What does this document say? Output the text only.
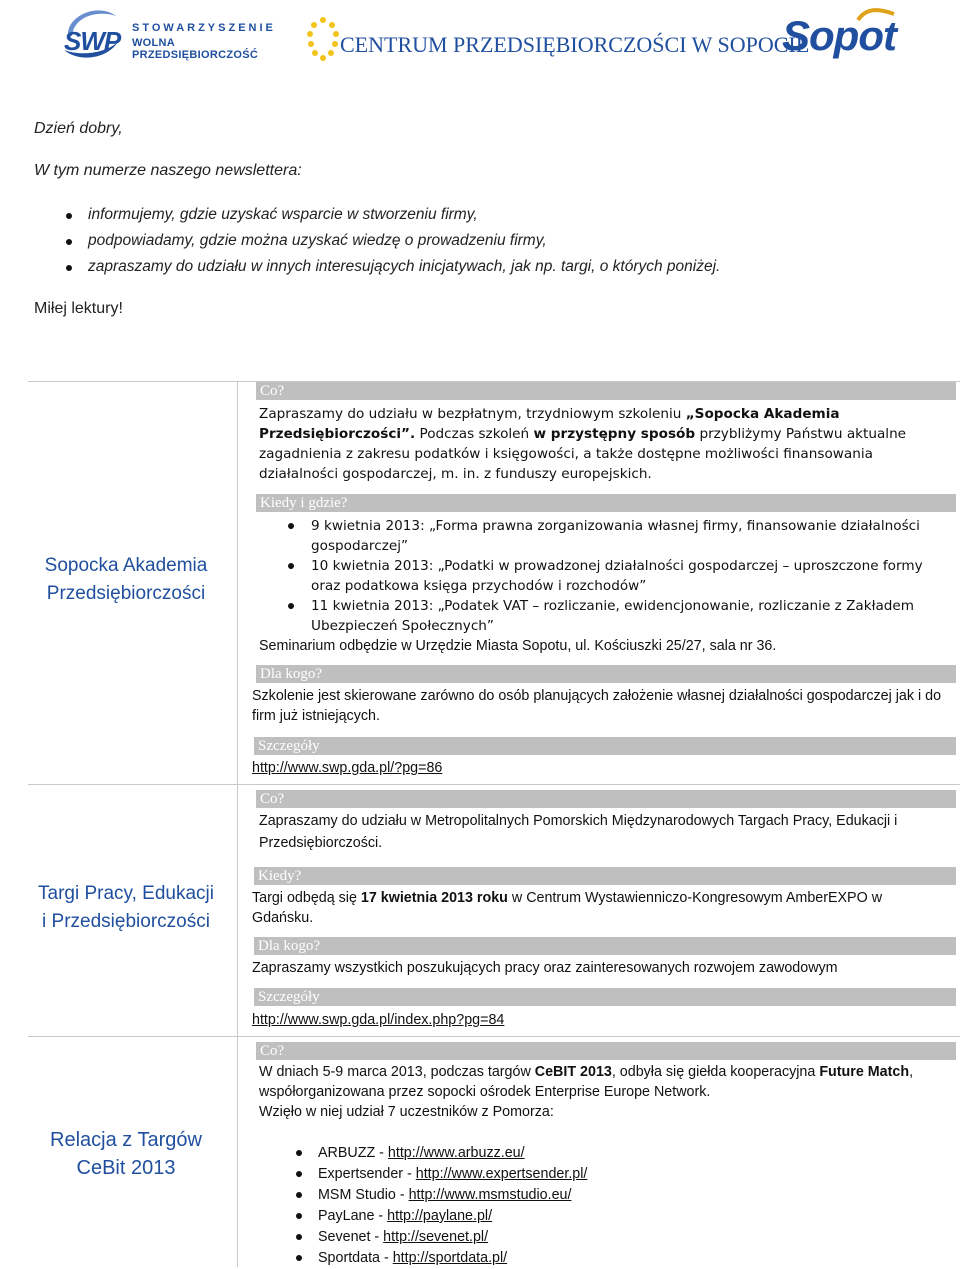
SWP STOWARZYSZENIE
WOLNA PRZEDSIĘBIORCZOŚĆ	CENTRUM PRZEDSIĘBIORCZOŚCI W SOPOCIE
Sopot
Dzień dobry,
W tym numerze naszego newslettera:
informujemy, gdzie uzyskać wsparcie w stworzeniu firmy,
podpowiadamy, gdzie można uzyskać wiedzę o prowadzeniu firmy,
zapraszamy do udziału w innych interesujących inicjatywach, jak np. targi, o których poniżej.
Miłej lektury!
Sopocka Akademia
Przedsiębiorczości
Co?
Zapraszamy do udziału w bezpłatnym, trzydniowym szkoleniu „Sopocka Akademia Przedsiębiorczości”. Podczas szkoleń w przystępny sposób przybliżymy Państwu aktualne zagadnienia z zakresu podatków i księgowości, a także dostępne możliwości finansowania działalności gospodarczej, m. in. z funduszy europejskich.
Kiedy i gdzie?
9 kwietnia 2013: „Forma prawna zorganizowania własnej firmy, finansowanie działalności gospodarczej”
10 kwietnia 2013: „Podatki w prowadzonej działalności gospodarczej – uproszczone formy oraz podatkowa księga przychodów i rozchodów”
11 kwietnia 2013: „Podatek VAT – rozliczanie, ewidencjonowanie, rozliczanie z Zakładem Ubezpieczeń Społecznych”
Seminarium odbędzie w Urzędzie Miasta Sopotu, ul. Kościuszki 25/27, sala nr 36.
Dla kogo?
Szkolenie jest skierowane zarówno do osób planujących założenie własnej działalności gospodarczej jak i do firm już istniejących.
Szczegóły
http://www.swp.gda.pl/?pg=86
Targi Pracy, Edukacji
i Przedsiębiorczości
Co?
Zapraszamy do udziału w Metropolitalnych Pomorskich Międzynarodowych Targach Pracy, Edukacji i Przedsiębiorczości.
Kiedy?
Targi odbędą się 17 kwietnia 2013 roku w Centrum Wystawienniczo-Kongresowym AmberEXPO w Gdańsku.
Dla kogo?
Zapraszamy wszystkich poszukujących pracy oraz zainteresowanych rozwojem zawodowym
Szczegóły
http://www.swp.gda.pl/index.php?pg=84
Relacja z Targów
CeBit 2013
Co?
W dniach 5-9 marca 2013, podczas targów CeBIT 2013, odbyła się giełda kooperacyjna Future Match, współorganizowana przez sopocki ośrodek Enterprise Europe Network.
Wzięło w niej udział 7 uczestników z Pomorza:
ARBUZZ - http://www.arbuzz.eu/
Expertsender - http://www.expertsender.pl/
MSM Studio - http://www.msmstudio.eu/
PayLane - http://paylane.pl/
Sevenet - http://sevenet.pl/
Sportdata - http://sportdata.pl/
